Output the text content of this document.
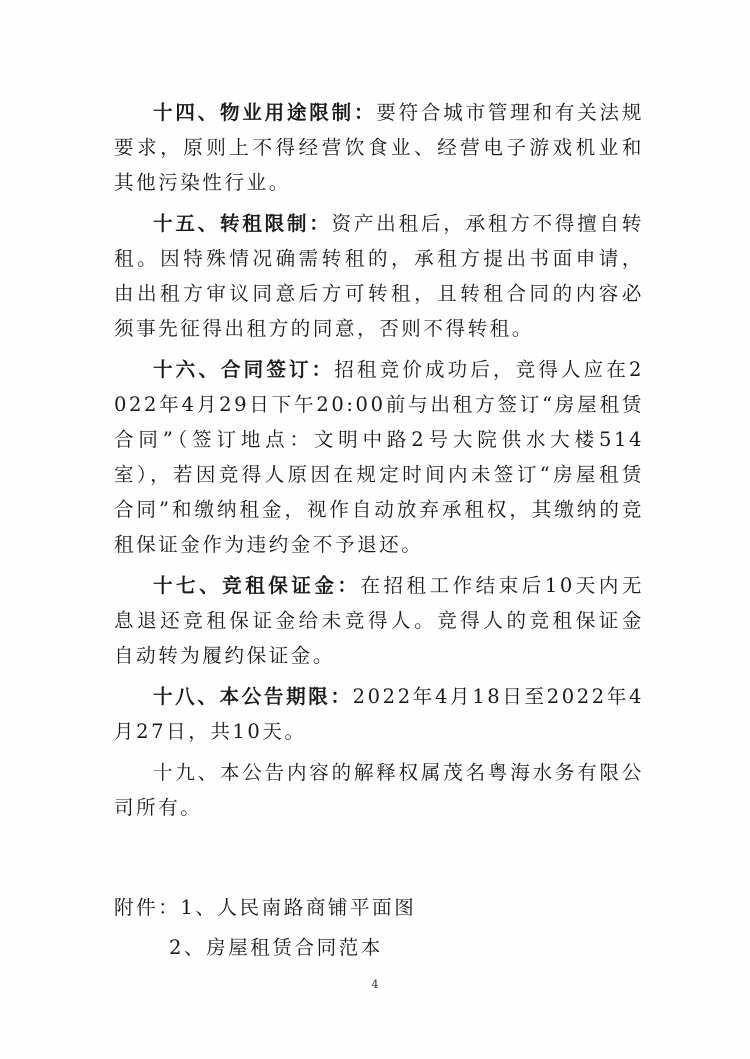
十四、物业用途限制：要符合城市管理和有关法规要求，原则上不得经营饮食业、经营电子游戏机业和其他污染性行业。

十五、转租限制：资产出租后，承租方不得擅自转租。因特殊情况确需转租的，承租方提出书面申请，由出租方审议同意后方可转租，且转租合同的内容必须事先征得出租方的同意，否则不得转租。

十六、合同签订：招租竞价成功后，竞得人应在2022年4月29日下午20:00前与出租方签订“房屋租赁合同”（签订地点：文明中路2号大院供水大楼514室），若因竞得人原因在规定时间内未签订“房屋租赁合同”和缴纳租金，视作自动放弃承租权，其缴纳的竞租保证金作为违约金不予退还。

十七、竞租保证金：在招租工作结束后10天内无息退还竞租保证金给未竞得人。竞得人的竞租保证金自动转为履约保证金。

十八、本公告期限：2022年4月18日至2022年4月27日，共10天。

十九、本公告内容的解释权属茂名粤海水务有限公司所有。

附件：1、人民南路商铺平面图
2、房屋租赁合同范本
4
